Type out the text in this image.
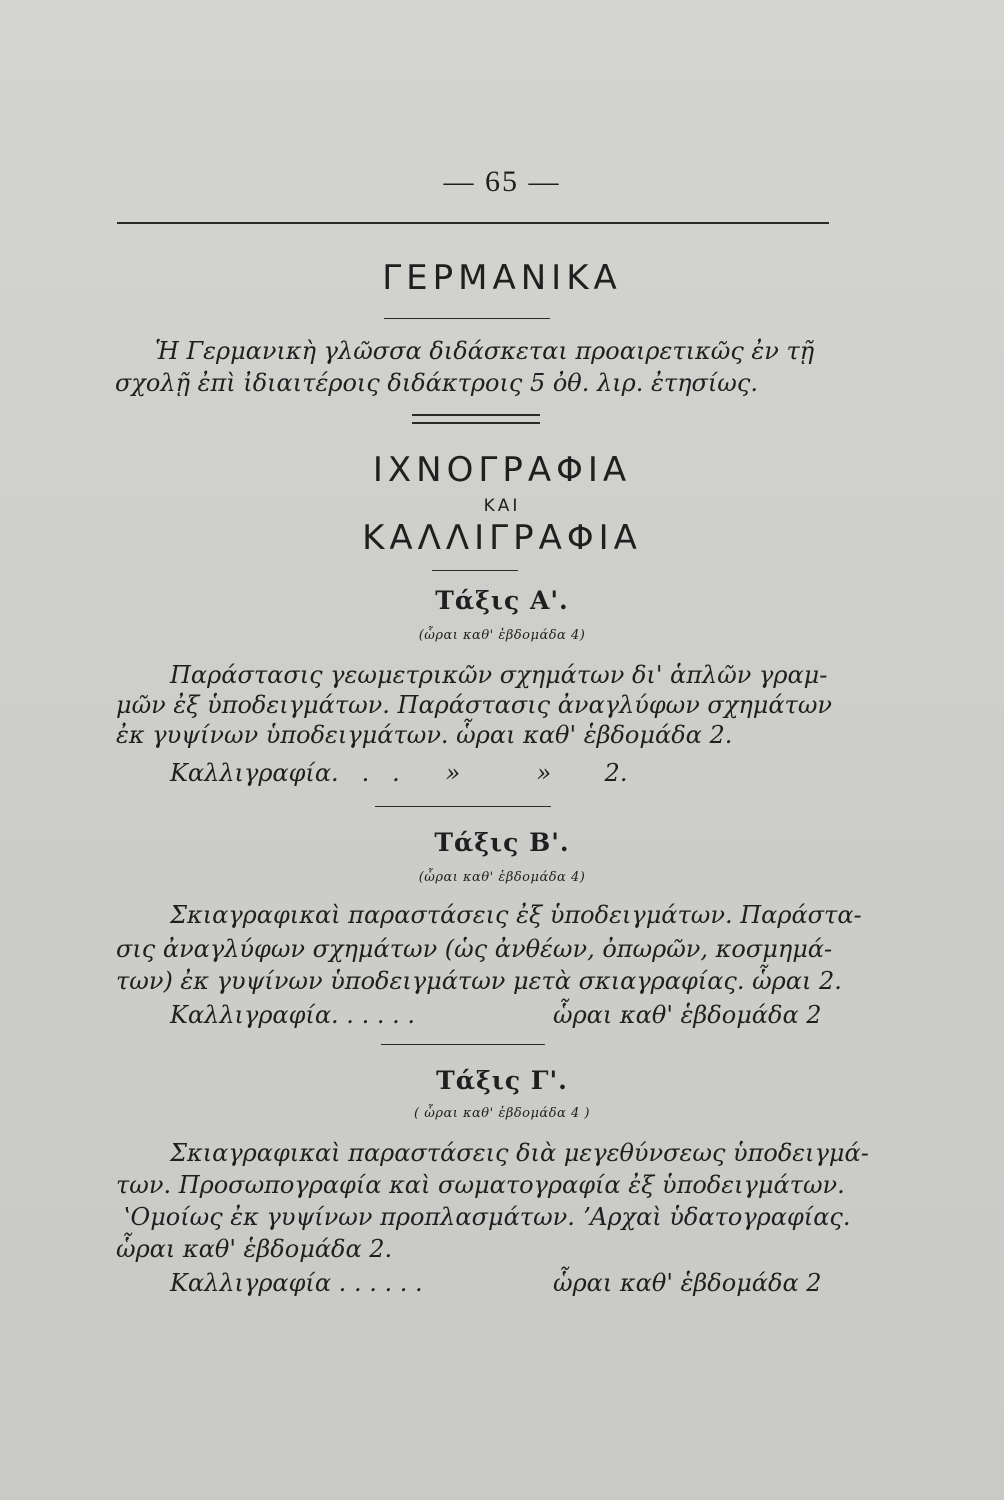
— 65 —
ΓΕΡΜΑΝΙΚΑ
Ἡ Γερμανικὴ γλῶσσα διδάσκεται προαιρετικῶς ἐν τῇ
σχολῇ ἐπὶ ἰδιαιτέροις διδάκτροις 5 ὀθ. λιρ. ἐτησίως.
ΙΧΝΟΓΡΑΦΙΑ
ΚΑΙ
ΚΑΛΛΙΓΡΑΦΙΑ
Τάξις Α'.
(ὧραι καθ' ἑβδομάδα 4)
Παράστασις γεωμετρικῶν σχημάτων δι' ἁπλῶν γραμ-
μῶν ἐξ ὑποδειγμάτων. Παράστασις ἀναγλύφων σχημάτων
ἐκ γυψίνων ὑποδειγμάτων. ὧραι καθ' ἑβδομάδα 2.
Καλλιγραφία.   .   .      »          »       2.
Τάξις Β'.
(ὧραι καθ' ἑβδομάδα 4)
Σκιαγραφικαὶ παραστάσεις ἐξ ὑποδειγμάτων. Παράστα-
σις ἀναγλύφων σχημάτων (ὡς ἀνθέων, ὀπωρῶν, κοσμημά-
των) ἐκ γυψίνων ὑποδειγμάτων μετὰ σκιαγραφίας. ὧραι 2.
Καλλιγραφία. . . . . .	ὧραι καθ' ἑβδομάδα 2
Τάξις Γ'.
( ὧραι καθ' ἑβδομάδα 4 )
Σκιαγραφικαὶ παραστάσεις διὰ μεγεθύνσεως ὑποδειγμά-
των. Προσωπογραφία καὶ σωματογραφία ἐξ ὑποδειγμάτων.
ʽΟμοίως ἐκ γυψίνων προπλασμάτων. ʼΑρχαὶ ὑδατογραφίας.
ὧραι καθ' ἑβδομάδα 2.
Καλλιγραφία . . . . . .	ὧραι καθ' ἑβδομάδα 2
